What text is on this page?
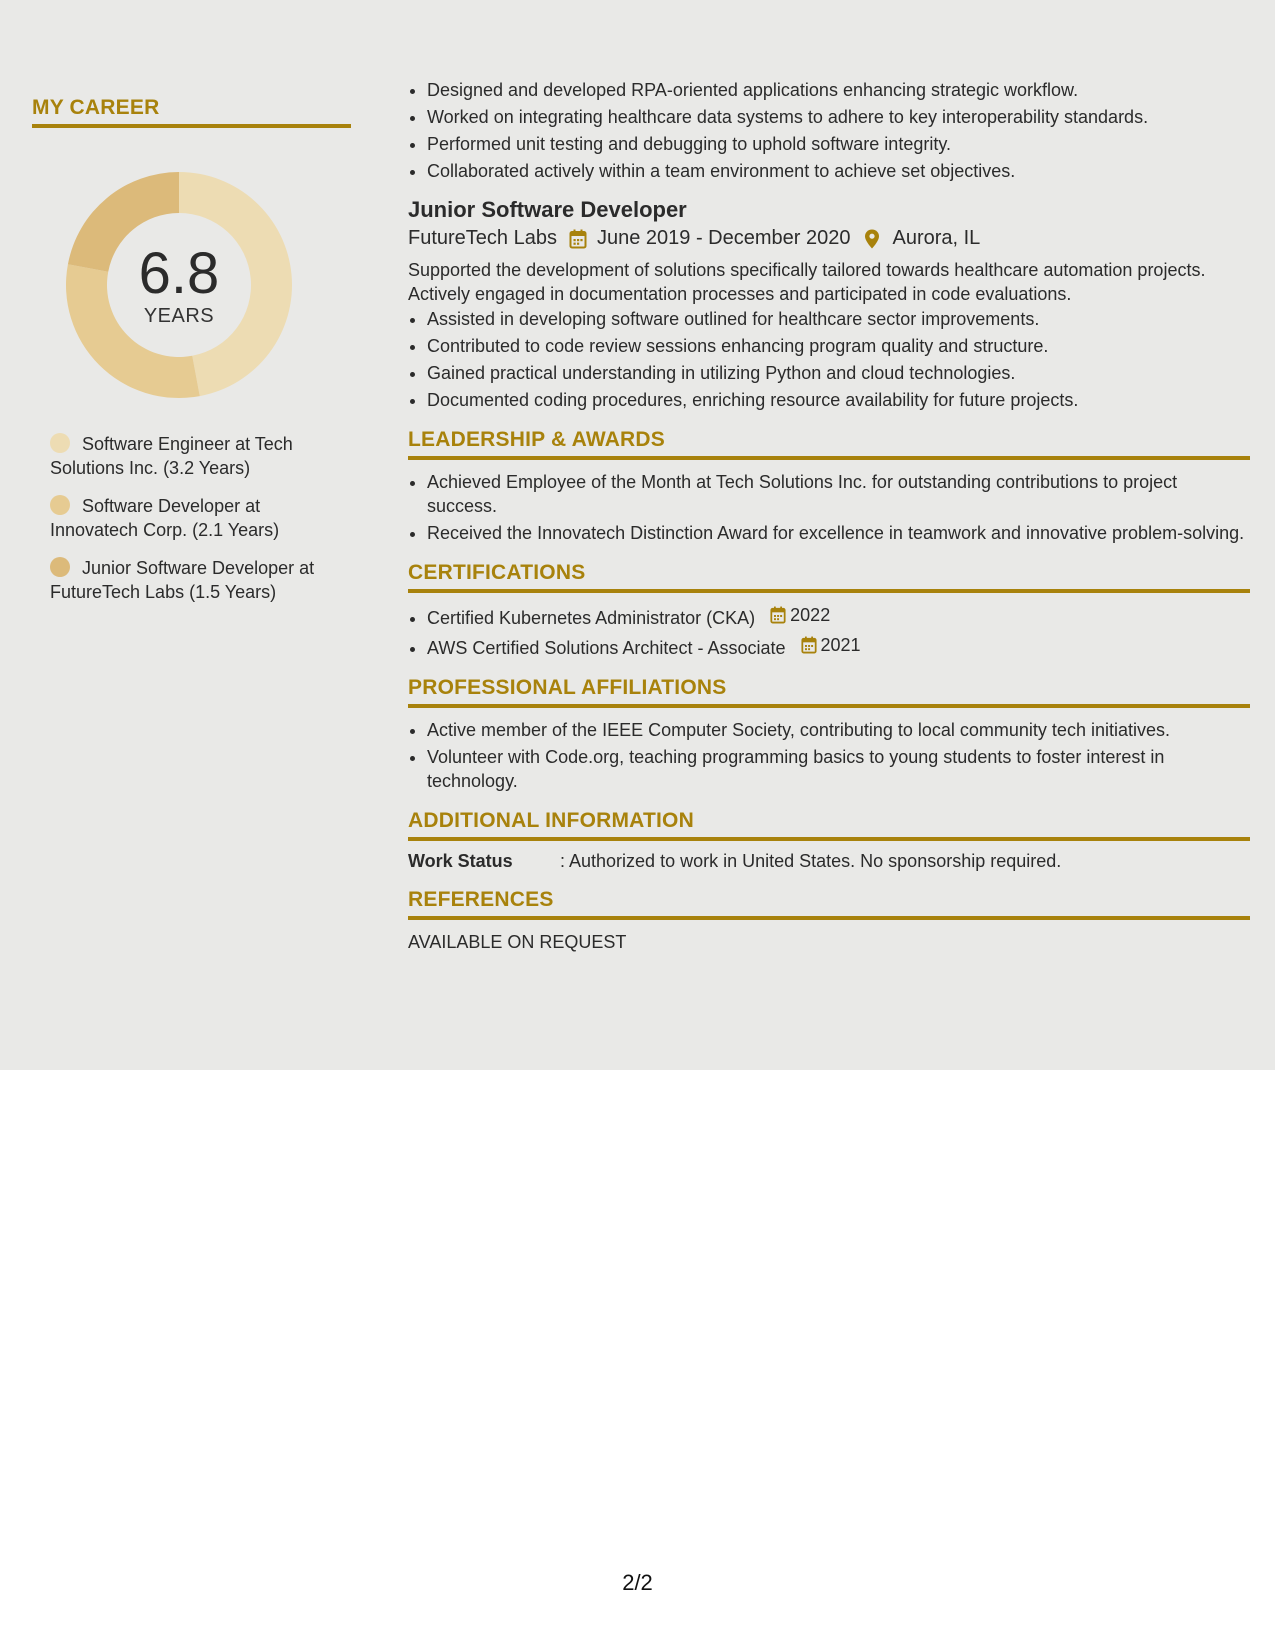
MY CAREER
6.8
YEARS
Software Engineer at Tech Solutions Inc. (3.2 Years)
Software Developer at Innovatech Corp. (2.1 Years)
Junior Software Developer at FutureTech Labs (1.5 Years)
• Designed and developed RPA-oriented applications enhancing strategic workflow.
• Worked on integrating healthcare data systems to adhere to key interoperability standards.
• Performed unit testing and debugging to uphold software integrity.
• Collaborated actively within a team environment to achieve set objectives.
Junior Software Developer
FutureTech Labs June 2019 - December 2020 Aurora, IL

Supported the development of solutions specifically tailored towards healthcare automation projects. Actively engaged in documentation processes and participated in code evaluations.

• Assisted in developing software outlined for healthcare sector improvements.
• Contributed to code review sessions enhancing program quality and structure.
• Gained practical understanding in utilizing Python and cloud technologies.
• Documented coding procedures, enriching resource availability for future projects.
LEADERSHIP & AWARDS
• Achieved Employee of the Month at Tech Solutions Inc. for outstanding contributions to project success.
• Received the Innovatech Distinction Award for excellence in teamwork and innovative problem-solving.
CERTIFICATIONS
• Certified Kubernetes Administrator (CKA) 2022
• AWS Certified Solutions Architect - Associate 2021
PROFESSIONAL AFFILIATIONS
• Active member of the IEEE Computer Society, contributing to local community tech initiatives.
• Volunteer with Code.org, teaching programming basics to young students to foster interest in technology.
ADDITIONAL INFORMATION
Work Status	: Authorized to work in United States. No sponsorship required.
REFERENCES
AVAILABLE ON REQUEST
2/2
